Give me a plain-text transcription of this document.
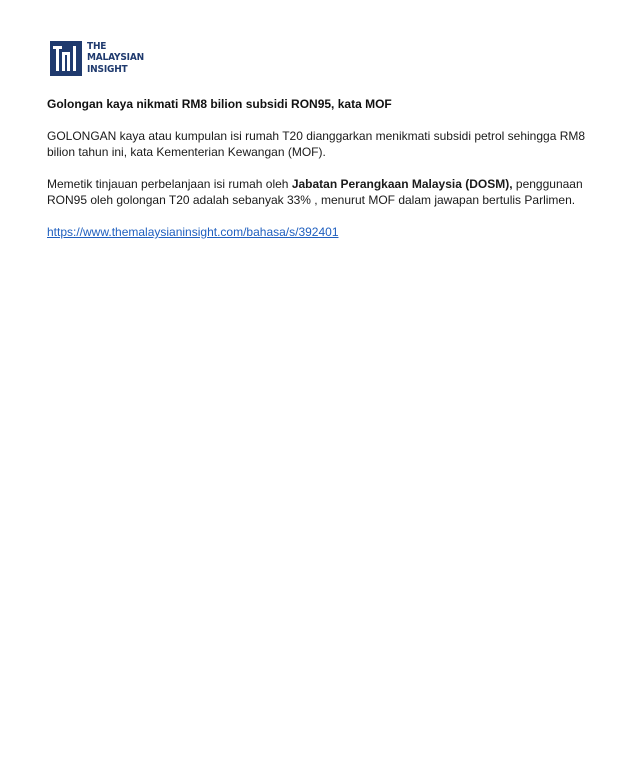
THE
MALAYSIAN
INSIGHT

Golongan kaya nikmati RM8 bilion subsidi RON95, kata MOF

GOLONGAN kaya atau kumpulan isi rumah T20 dianggarkan menikmati subsidi petrol sehingga RM8 bilion tahun ini, kata Kementerian Kewangan (MOF).

Memetik tinjauan perbelanjaan isi rumah oleh Jabatan Perangkaan Malaysia (DOSM), penggunaan RON95 oleh golongan T20 adalah sebanyak 33% , menurut MOF dalam jawapan bertulis Parlimen.

https://www.themalaysianinsight.com/bahasa/s/392401
